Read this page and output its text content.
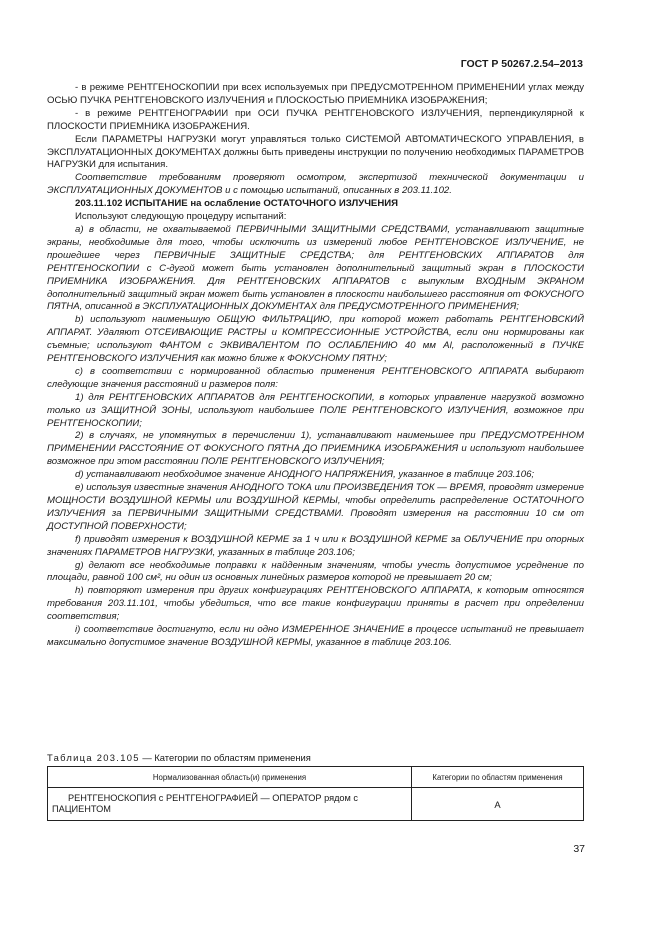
ГОСТ Р 50267.2.54–2013

- в режиме РЕНТГЕНОСКОПИИ при всех используемых при ПРЕДУСМОТРЕННОМ ПРИМЕНЕНИИ углах между ОСЬЮ ПУЧКА РЕНТГЕНОВСКОГО ИЗЛУЧЕНИЯ и ПЛОСКОСТЬЮ ПРИЕМНИКА ИЗОБРАЖЕНИЯ;

- в режиме РЕНТГЕНОГРАФИИ при ОСИ ПУЧКА РЕНТГЕНОВСКОГО ИЗЛУЧЕНИЯ, перпендикулярной к ПЛОСКОСТИ ПРИЕМНИКА ИЗОБРАЖЕНИЯ.

Если ПАРАМЕТРЫ НАГРУЗКИ могут управляться только СИСТЕМОЙ АВТОМАТИЧЕСКОГО УПРАВЛЕНИЯ, в ЭКСПЛУАТАЦИОННЫХ ДОКУМЕНТАХ должны быть приведены инструкции по получению необходимых ПАРАМЕТРОВ НАГРУЗКИ для испытания.

Соответствие требованиям проверяют осмотром, экспертизой технической документации и ЭКСПЛУАТАЦИОННЫХ ДОКУМЕНТОВ и с помощью испытаний, описанных в 203.11.102.

203.11.102 ИСПЫТАНИЕ на ослабление ОСТАТОЧНОГО ИЗЛУЧЕНИЯ

Используют следующую процедуру испытаний:

a) в области, не охватываемой ПЕРВИЧНЫМИ ЗАЩИТНЫМИ СРЕДСТВАМИ, устанавливают защитные экраны, необходимые для того, чтобы исключить из измерений любое РЕНТГЕНОВСКОЕ ИЗЛУЧЕНИЕ, не прошедшее через ПЕРВИЧНЫЕ ЗАЩИТНЫЕ СРЕДСТВА; для РЕНТГЕНОВСКИХ АППАРАТОВ для РЕНТГЕНОСКОПИИ с С-дугой может быть установлен дополнительный защитный экран в ПЛОСКОСТИ ПРИЕМНИКА ИЗОБРАЖЕНИЯ. Для РЕНТГЕНОВСКИХ АППАРАТОВ с выпуклым ВХОДНЫМ ЭКРАНОМ дополнительный защитный экран может быть установлен в плоскости наибольшего расстояния от ФОКУСНОГО ПЯТНА, описанной в ЭКСПЛУАТАЦИОННЫХ ДОКУМЕНТАХ для ПРЕДУСМОТРЕННОГО ПРИМЕНЕНИЯ;

b) используют наименьшую ОБЩУЮ ФИЛЬТРАЦИЮ, при которой может работать РЕНТГЕНОВСКИЙ АППАРАТ. Удаляют ОТСЕИВАЮЩИЕ РАСТРЫ и КОМПРЕССИОННЫЕ УСТРОЙСТВА, если они нормированы как съемные; используют ФАНТОМ с ЭКВИВАЛЕНТОМ ПО ОСЛАБЛЕНИЮ 40 мм Al, расположенный в ПУЧКЕ РЕНТГЕНОВСКОГО ИЗЛУЧЕНИЯ как можно ближе к ФОКУСНОМУ ПЯТНУ;

c) в соответствии с нормированной областью применения РЕНТГЕНОВСКОГО АППАРАТА выбирают следующие значения расстояний и размеров поля:

1) для РЕНТГЕНОВСКИХ АППАРАТОВ для РЕНТГЕНОСКОПИИ, в которых управление нагрузкой возможно только из ЗАЩИТНОЙ ЗОНЫ, используют наибольшее ПОЛЕ РЕНТГЕНОВСКОГО ИЗЛУЧЕНИЯ, возможное при РЕНТГЕНОСКОПИИ;

2) в случаях, не упомянутых в перечислении 1), устанавливают наименьшее при ПРЕДУСМОТРЕННОМ ПРИМЕНЕНИИ РАССТОЯНИЕ ОТ ФОКУСНОГО ПЯТНА ДО ПРИЕМНИКА ИЗОБРАЖЕНИЯ и используют наибольшее возможное при этом расстоянии ПОЛЕ РЕНТГЕНОВСКОГО ИЗЛУЧЕНИЯ;

d) устанавливают необходимое значение АНОДНОГО НАПРЯЖЕНИЯ, указанное в таблице 203.106;

e) используя известные значения АНОДНОГО ТОКА или ПРОИЗВЕДЕНИЯ ТОК — ВРЕМЯ, проводят измерение МОЩНОСТИ ВОЗДУШНОЙ КЕРМЫ или ВОЗДУШНОЙ КЕРМЫ, чтобы определить распределение ОСТАТОЧНОГО ИЗЛУЧЕНИЯ за ПЕРВИЧНЫМИ ЗАЩИТНЫМИ СРЕДСТВАМИ. Проводят измерения на расстоянии 10 см от ДОСТУПНОЙ ПОВЕРХНОСТИ;

f) приводят измерения к ВОЗДУШНОЙ КЕРМЕ за 1 ч или к ВОЗДУШНОЙ КЕРМЕ за ОБЛУЧЕНИЕ при опорных значениях ПАРАМЕТРОВ НАГРУЗКИ, указанных в таблице 203.106;

g) делают все необходимые поправки к найденным значениям, чтобы учесть допустимое усреднение по площади, равной 100 см², ни один из основных линейных размеров которой не превышает 20 см;

h) повторяют измерения при других конфигурациях РЕНТГЕНОВСКОГО АППАРАТА, к которым относятся требования 203.11.101, чтобы убедиться, что все такие конфигурации приняты в расчет при определении соответствия;

i) соответствие достигнуто, если ни одно ИЗМЕРЕННОЕ ЗНАЧЕНИЕ в процессе испытаний не превышает максимально допустимое значение ВОЗДУШНОЙ КЕРМЫ, указанное в таблице 203.106.

Таблица 203.105 — Категории по областям применения
Нормализованная область(и) применения	Категории по областям применения
РЕНТГЕНОСКОПИЯ с РЕНТГЕНОГРАФИЕЙ — ОПЕРАТОР рядом с ПАЦИЕНТОМ	A
37
